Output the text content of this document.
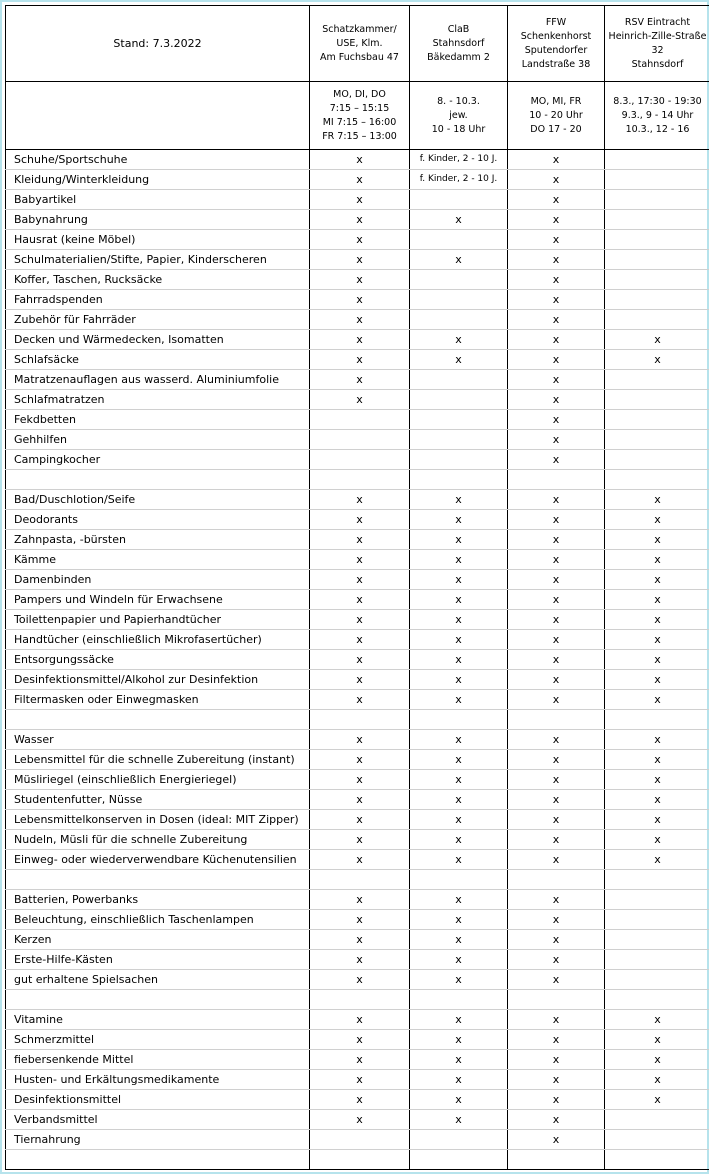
Stand: 7.3.2022	Schatzkammer/
USE, Klm.
Am Fuchsbau 47	ClaB
Stahnsdorf
Bäkedamm 2	FFW
Schenkenhorst
Sputendorfer
Landstraße 38	RSV Eintracht
Heinrich-Zille-Straße
32
Stahnsdorf

	MO, DI, DO
7:15 – 15:15
MI 7:15 – 16:00
FR 7:15 – 13:00	8. - 10.3.
jew.
10 - 18 Uhr	MO, MI, FR
10 - 20 Uhr
DO 17 - 20	8.3., 17:30 - 19:30
9.3., 9 - 14 Uhr
10.3., 12 - 16

Schuhe/Sportschuhe	x	f. Kinder, 2 - 10 J.	x	
Kleidung/Winterkleidung	x	f. Kinder, 2 - 10 J.	x	
Babyartikel	x		x	
Babynahrung	x	x	x	
Hausrat (keine Möbel)	x		x	
Schulmaterialien/Stifte, Papier, Kinderscheren	x	x	x	
Koffer, Taschen, Rucksäcke	x		x	
Fahrradspenden	x		x	
Zubehör für Fahrräder	x		x	
Decken und Wärmedecken, Isomatten	x	x	x	x
Schlafsäcke	x	x	x	x
Matratzenauflagen aus wasserd. Aluminiumfolie	x		x	
Schlafmatratzen	x		x	
Fekdbetten			x	
Gehhilfen			x	
Campingkocher			x	

Bad/Duschlotion/Seife	x	x	x	x
Deodorants	x	x	x	x
Zahnpasta, -bürsten	x	x	x	x
Kämme	x	x	x	x
Damenbinden	x	x	x	x
Pampers und Windeln für Erwachsene	x	x	x	x
Toilettenpapier und Papierhandtücher	x	x	x	x
Handtücher (einschließlich Mikrofasertücher)	x	x	x	x
Entsorgungssäcke	x	x	x	x
Desinfektionsmittel/Alkohol zur Desinfektion	x	x	x	x
Filtermasken oder Einwegmasken	x	x	x	x

Wasser	x	x	x	x
Lebensmittel für die schnelle Zubereitung (instant)	x	x	x	x
Müsliriegel (einschließlich Energieriegel)	x	x	x	x
Studentenfutter, Nüsse	x	x	x	x
Lebensmittelkonserven in Dosen (ideal: MIT Zipper)	x	x	x	x
Nudeln, Müsli für die schnelle Zubereitung	x	x	x	x
Einweg- oder wiederverwendbare Küchenutensilien	x	x	x	x

Batterien, Powerbanks	x	x	x	
Beleuchtung, einschließlich Taschenlampen	x	x	x	
Kerzen	x	x	x	
Erste-Hilfe-Kästen	x	x	x	
gut erhaltene Spielsachen	x	x	x	

Vitamine	x	x	x	x
Schmerzmittel	x	x	x	x
fiebersenkende Mittel	x	x	x	x
Husten- und Erkältungsmedikamente	x	x	x	x
Desinfektionsmittel	x	x	x	x
Verbandsmittel	x	x	x	
Tiernahrung			x	
